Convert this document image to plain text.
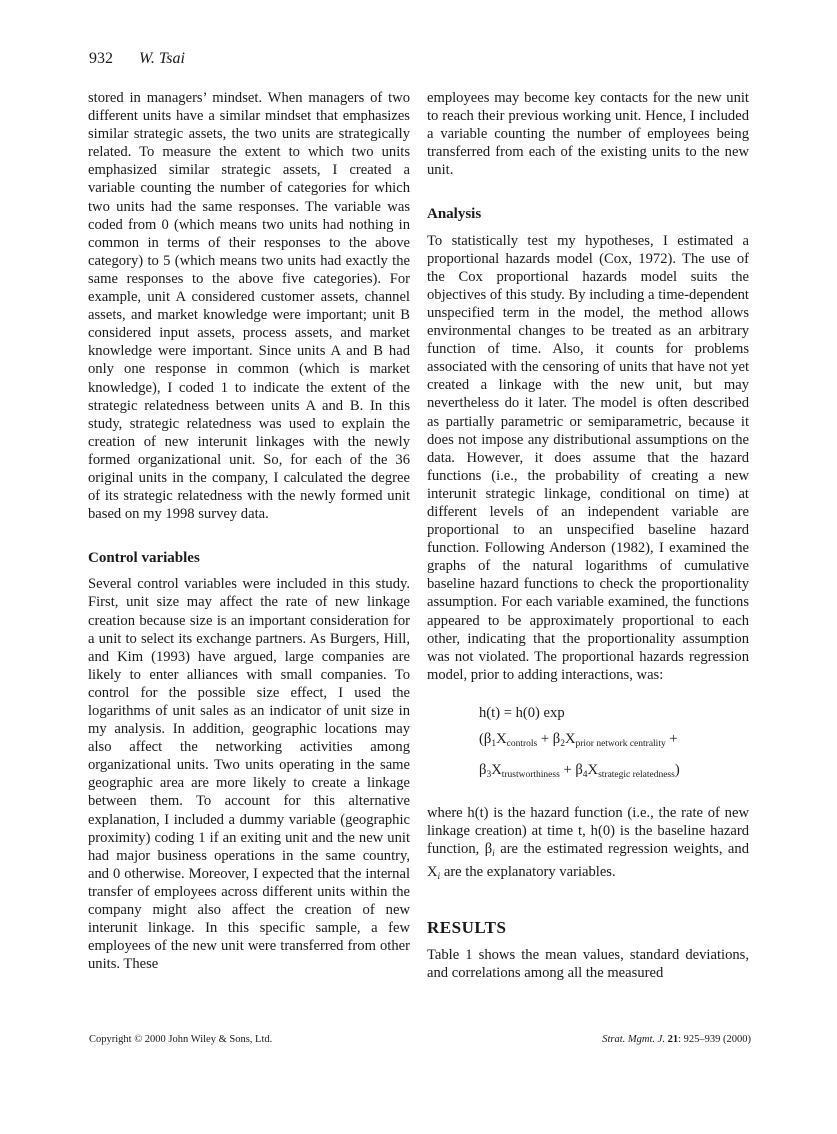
932 W. Tsai

stored in managers’ mindset. When managers of two different units have a similar mindset that emphasizes similar strategic assets, the two units are strategically related. To measure the extent to which two units emphasized similar strategic assets, I created a variable counting the number of categories for which two units had the same responses. The variable was coded from 0 (which means two units had nothing in common in terms of their responses to the above category) to 5 (which means two units had exactly the same responses to the above five categories). For example, unit A considered customer assets, channel assets, and market knowledge were important; unit B considered input assets, process assets, and market knowledge were important. Since units A and B had only one response in common (which is market knowledge), I coded 1 to indicate the extent of the strategic relatedness between units A and B. In this study, strategic relatedness was used to explain the creation of new interunit linkages with the newly formed organizational unit. So, for each of the 36 original units in the company, I calculated the degree of its strategic relatedness with the newly formed unit based on my 1998 survey data.

Control variables

Several control variables were included in this study. First, unit size may affect the rate of new linkage creation because size is an important consideration for a unit to select its exchange partners. As Burgers, Hill, and Kim (1993) have argued, large companies are likely to enter alliances with small companies. To control for the possible size effect, I used the logarithms of unit sales as an indicator of unit size in my analysis. In addition, geographic locations may also affect the networking activities among organizational units. Two units operating in the same geographic area are more likely to create a linkage between them. To account for this alternative explanation, I included a dummy variable (geographic proximity) coding 1 if an exiting unit and the new unit had major business operations in the same country, and 0 otherwise. Moreover, I expected that the internal transfer of employees across different units within the company might also affect the creation of new interunit linkage. In this specific sample, a few employees of the new unit were transferred from other units. These

employees may become key contacts for the new unit to reach their previous working unit. Hence, I included a variable counting the number of employees being transferred from each of the existing units to the new unit.

Analysis

To statistically test my hypotheses, I estimated a proportional hazards model (Cox, 1972). The use of the Cox proportional hazards model suits the objectives of this study. By including a time-dependent unspecified term in the model, the method allows environmental changes to be treated as an arbitrary function of time. Also, it counts for problems associated with the censoring of units that have not yet created a linkage with the new unit, but may nevertheless do it later. The model is often described as partially parametric or semiparametric, because it does not impose any distributional assumptions on the data. However, it does assume that the hazard functions (i.e., the probability of creating a new interunit strategic linkage, conditional on time) at different levels of an independent variable are proportional to an unspecified baseline hazard function. Following Anderson (1982), I examined the graphs of the natural logarithms of cumulative baseline hazard functions to check the proportionality assumption. For each variable examined, the functions appeared to be approximately proportional to each other, indicating that the proportionality assumption was not violated. The proportional hazards regression model, prior to adding interactions, was:

h(t) = h(0) exp
($\beta_1X_{controls} + \beta_2X_{prior network centrality}$ +
$\beta_3X_{trustworthiness} + \beta_4X_{strategic relatedness}$)

where h(t) is the hazard function (i.e., the rate of new linkage creation) at time t, h(0) is the baseline hazard function, $\beta_i$ are the estimated regression weights, and $X_i$ are the explanatory variables.

RESULTS

Table 1 shows the mean values, standard deviations, and correlations among all the measured

Copyright © 2000 John Wiley & Sons, Ltd.	Strat. Mgmt. J. 21: 925–939 (2000)
